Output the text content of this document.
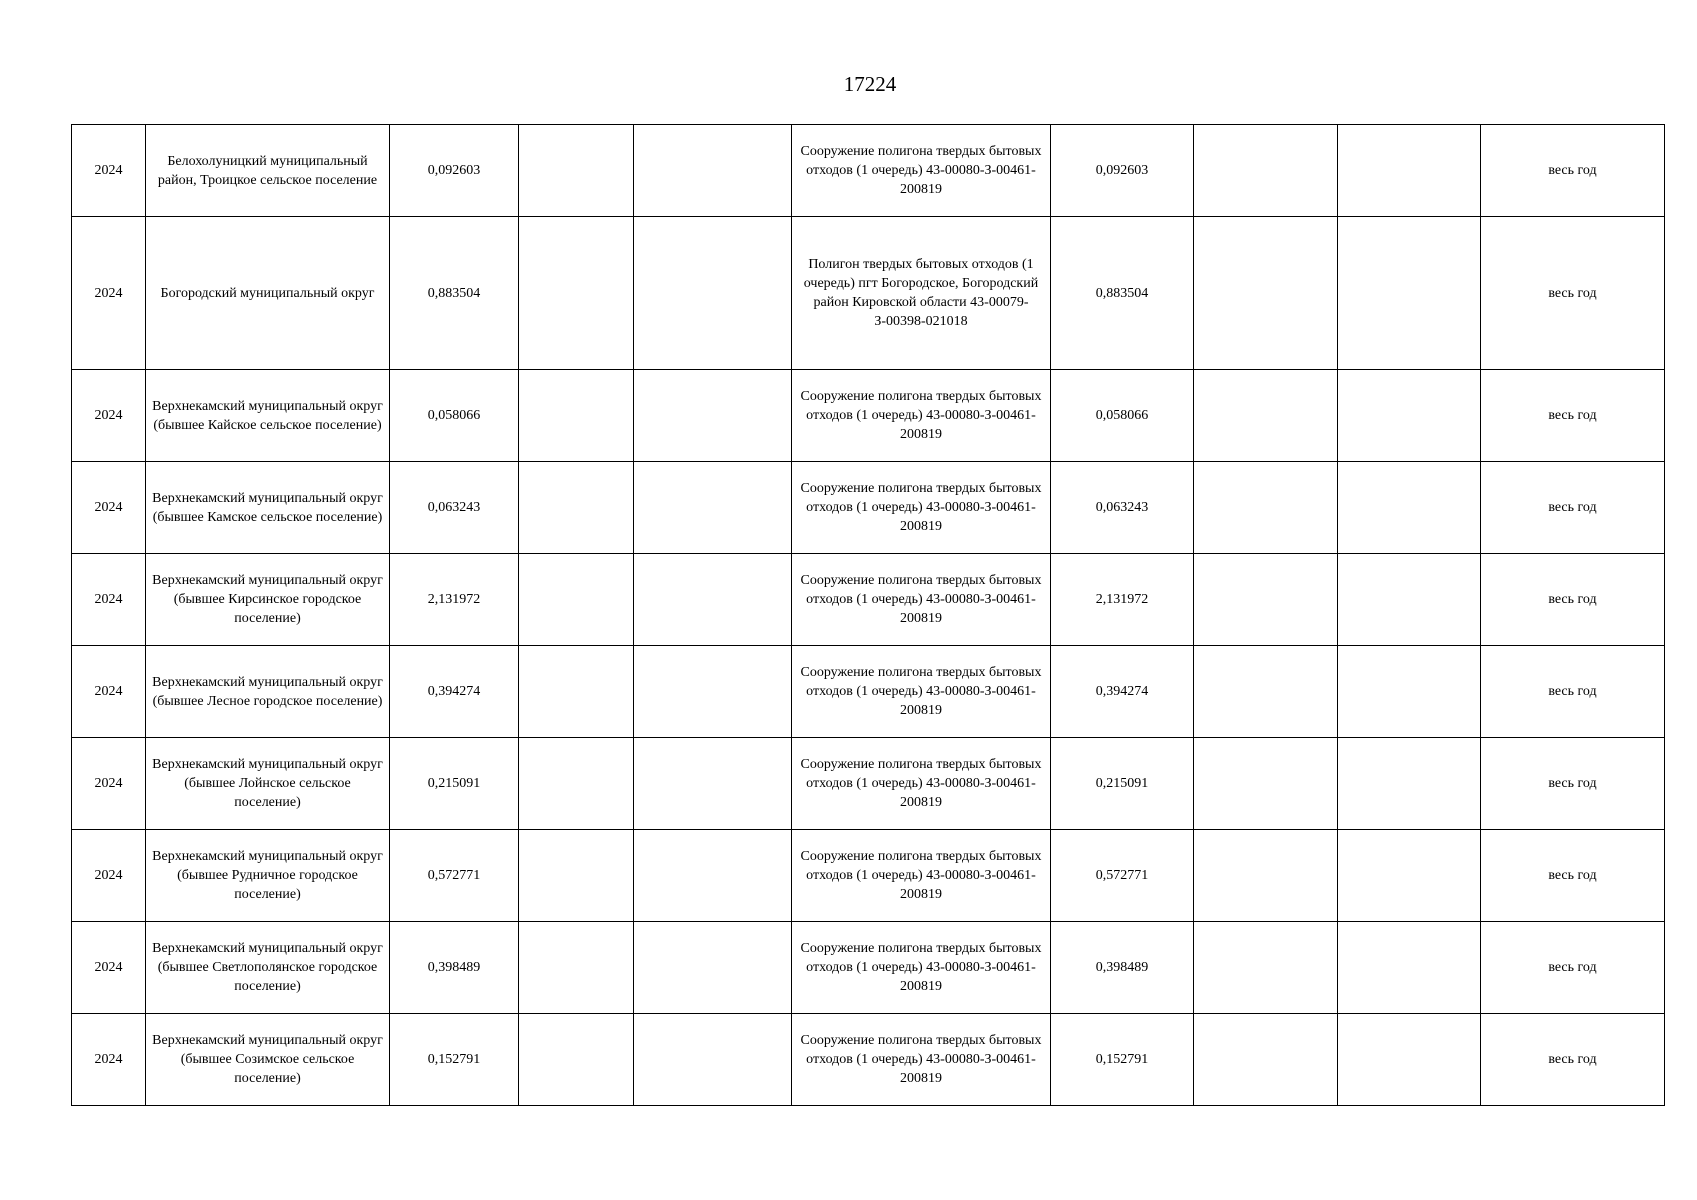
17224
2024	Белохолуницкий муниципальный район, Троицкое сельское поселение	0,092603			Сооружение полигона твердых бытовых отходов (1 очередь) 43-00080-З-00461-200819	0,092603			весь год
2024	Богородский муниципальный округ	0,883504			Полигон твердых бытовых отходов (1 очередь) пгт Богородское, Богородский район Кировской области 43-00079-З-00398-021018	0,883504			весь год
2024	Верхнекамский муниципальный округ (бывшее Кайское сельское поселение)	0,058066			Сооружение полигона твердых бытовых отходов (1 очередь) 43-00080-З-00461-200819	0,058066			весь год
2024	Верхнекамский муниципальный округ (бывшее Камское сельское поселение)	0,063243			Сооружение полигона твердых бытовых отходов (1 очередь) 43-00080-З-00461-200819	0,063243			весь год
2024	Верхнекамский муниципальный округ (бывшее Кирсинское городское поселение)	2,131972			Сооружение полигона твердых бытовых отходов (1 очередь) 43-00080-З-00461-200819	2,131972			весь год
2024	Верхнекамский муниципальный округ (бывшее Лесное городское поселение)	0,394274			Сооружение полигона твердых бытовых отходов (1 очередь) 43-00080-З-00461-200819	0,394274			весь год
2024	Верхнекамский муниципальный округ (бывшее Лойнское сельское поселение)	0,215091			Сооружение полигона твердых бытовых отходов (1 очередь) 43-00080-З-00461-200819	0,215091			весь год
2024	Верхнекамский муниципальный округ (бывшее Рудничное городское поселение)	0,572771			Сооружение полигона твердых бытовых отходов (1 очередь) 43-00080-З-00461-200819	0,572771			весь год
2024	Верхнекамский муниципальный округ (бывшее Светлополянское городское поселение)	0,398489			Сооружение полигона твердых бытовых отходов (1 очередь) 43-00080-З-00461-200819	0,398489			весь год
2024	Верхнекамский муниципальный округ (бывшее Созимское сельское поселение)	0,152791			Сооружение полигона твердых бытовых отходов (1 очередь) 43-00080-З-00461-200819	0,152791			весь год
